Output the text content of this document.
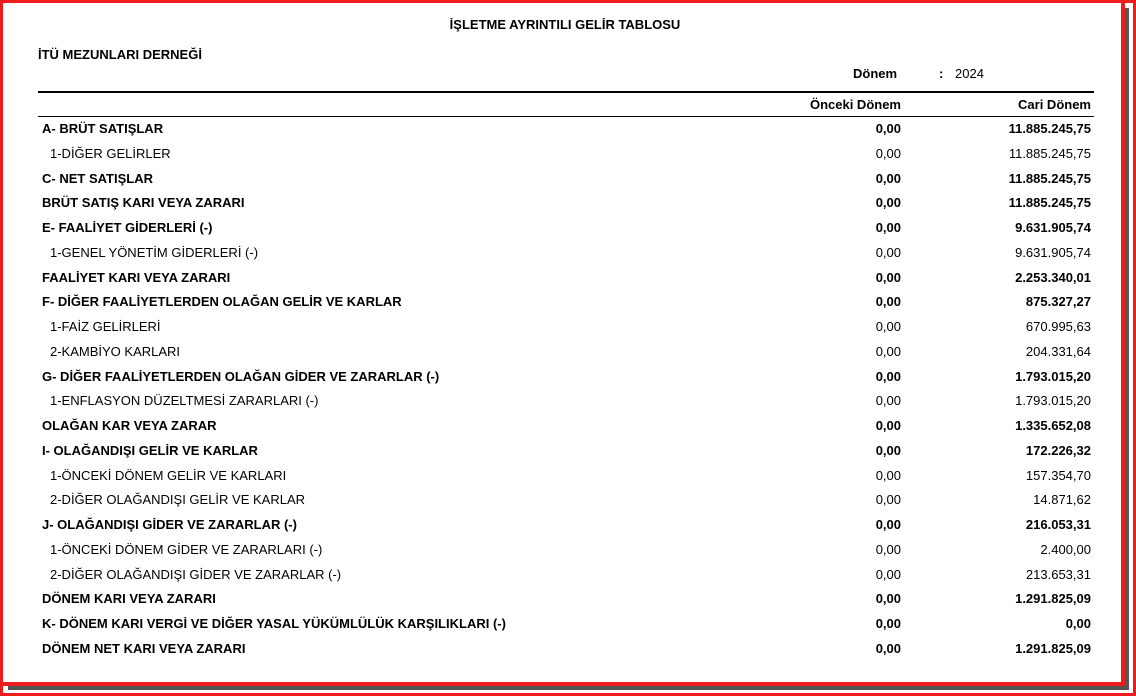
İŞLETME AYRINTILI GELİR TABLOSU
İTÜ MEZUNLARI DERNEĞİ
Dönem	: 2024
Önceki Dönem	Cari Dönem
A- BRÜT SATIŞLAR	0,00	11.885.245,75
1-DİĞER GELİRLER	0,00	11.885.245,75
C- NET SATIŞLAR	0,00	11.885.245,75
BRÜT SATIŞ KARI VEYA ZARARI	0,00	11.885.245,75
E- FAALİYET GİDERLERİ (-)	0,00	9.631.905,74
1-GENEL YÖNETİM GİDERLERİ (-)	0,00	9.631.905,74
FAALİYET KARI VEYA ZARARI	0,00	2.253.340,01
F- DİĞER FAALİYETLERDEN OLAĞAN GELİR VE KARLAR	0,00	875.327,27
1-FAİZ GELİRLERİ	0,00	670.995,63
2-KAMBİYO KARLARI	0,00	204.331,64
G- DİĞER FAALİYETLERDEN OLAĞAN GİDER VE ZARARLAR (-)	0,00	1.793.015,20
1-ENFLASYON DÜZELTMESİ ZARARLARI (-)	0,00	1.793.015,20
OLAĞAN KAR VEYA ZARAR	0,00	1.335.652,08
I- OLAĞANDIŞI GELİR VE KARLAR	0,00	172.226,32
1-ÖNCEKİ DÖNEM GELİR VE KARLARI	0,00	157.354,70
2-DİĞER OLAĞANDIŞI GELİR VE KARLAR	0,00	14.871,62
J- OLAĞANDIŞI GİDER VE ZARARLAR (-)	0,00	216.053,31
1-ÖNCEKİ DÖNEM GİDER VE ZARARLARI (-)	0,00	2.400,00
2-DİĞER OLAĞANDIŞI GİDER VE ZARARLAR (-)	0,00	213.653,31
DÖNEM KARI VEYA ZARARI	0,00	1.291.825,09
K- DÖNEM KARI VERGİ VE DİĞER YASAL YÜKÜMLÜLÜK KARŞILIKLARI (-)	0,00	0,00
DÖNEM NET KARI VEYA ZARARI	0,00	1.291.825,09
